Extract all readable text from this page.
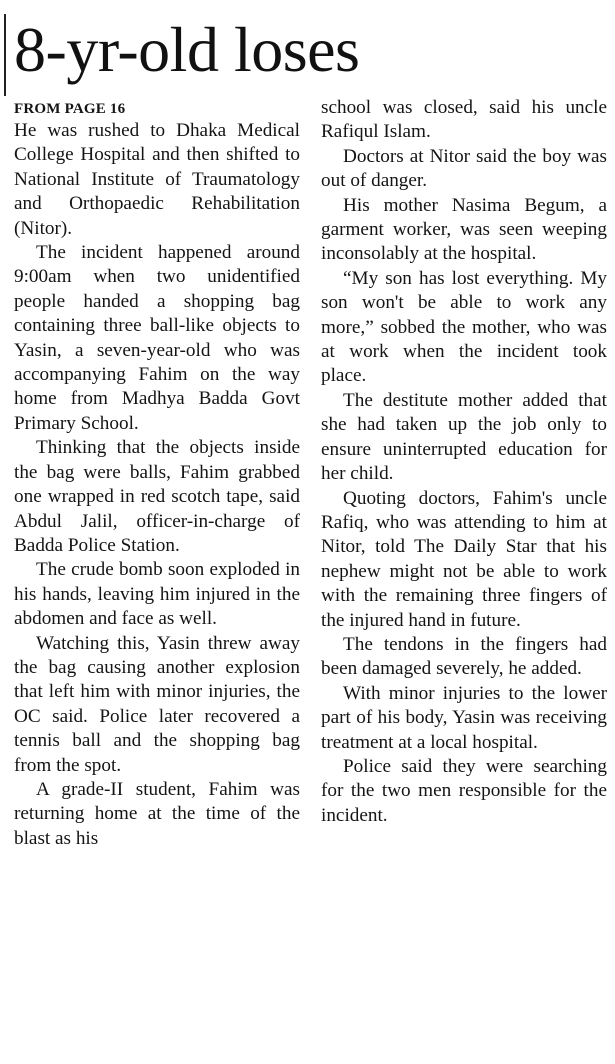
8-yr-old loses
FROM PAGE 16

He was rushed to Dhaka Medical College Hospital and then shifted to National Institute of Traumatology and Orthopaedic Rehabilitation (Nitor).

The incident happened around 9:00am when two unidentified people handed a shopping bag containing three ball-like objects to Yasin, a seven-year-old who was accompanying Fahim on the way home from Madhya Badda Govt Primary School.

Thinking that the objects inside the bag were balls, Fahim grabbed one wrapped in red scotch tape, said Abdul Jalil, officer-in-charge of Badda Police Station.

The crude bomb soon exploded in his hands, leaving him injured in the abdomen and face as well.

Watching this, Yasin threw away the bag causing another explosion that left him with minor injuries, the OC said. Police later recovered a tennis ball and the shopping bag from the spot.

A grade-II student, Fahim was returning home at the time of the blast as his

school was closed, said his uncle Rafiqul Islam.

Doctors at Nitor said the boy was out of danger.

His mother Nasima Begum, a garment worker, was seen weeping inconsolably at the hospital.

“My son has lost everything. My son won't be able to work any more,” sobbed the mother, who was at work when the incident took place.

The destitute mother added that she had taken up the job only to ensure uninterrupted education for her child.

Quoting doctors, Fahim's uncle Rafiq, who was attending to him at Nitor, told The Daily Star that his nephew might not be able to work with the remaining three fingers of the injured hand in future.

The tendons in the fingers had been damaged severely, he added.

With minor injuries to the lower part of his body, Yasin was receiving treatment at a local hospital.

Police said they were searching for the two men responsible for the incident.
